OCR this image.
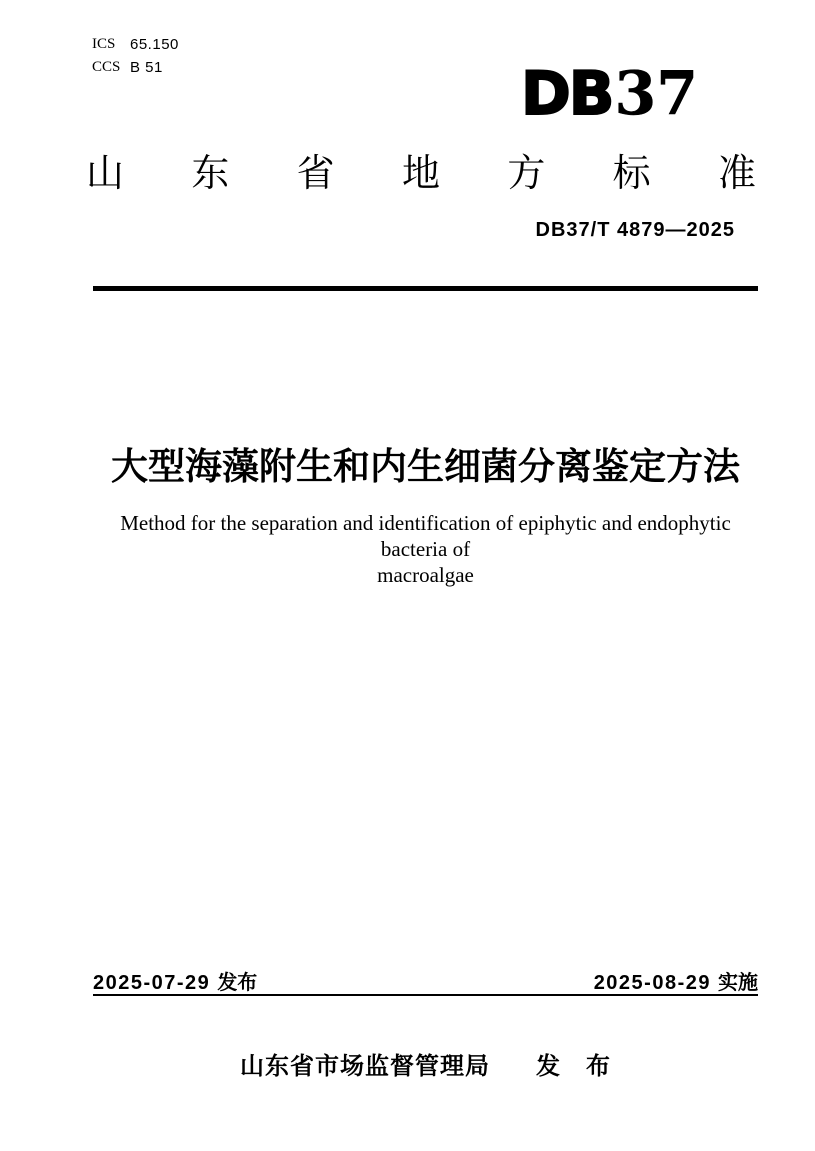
ICS 65.150
CCS B 51	DB37
山 东 省 地 方 标 准
DB37/T 4879—2025
大型海藻附生和内生细菌分离鉴定方法
Method for the separation and identification of epiphytic and endophytic bacteria of
macroalgae
2025-07-29 发布	2025-08-29 实施
山东省市场监督管理局 发　布
